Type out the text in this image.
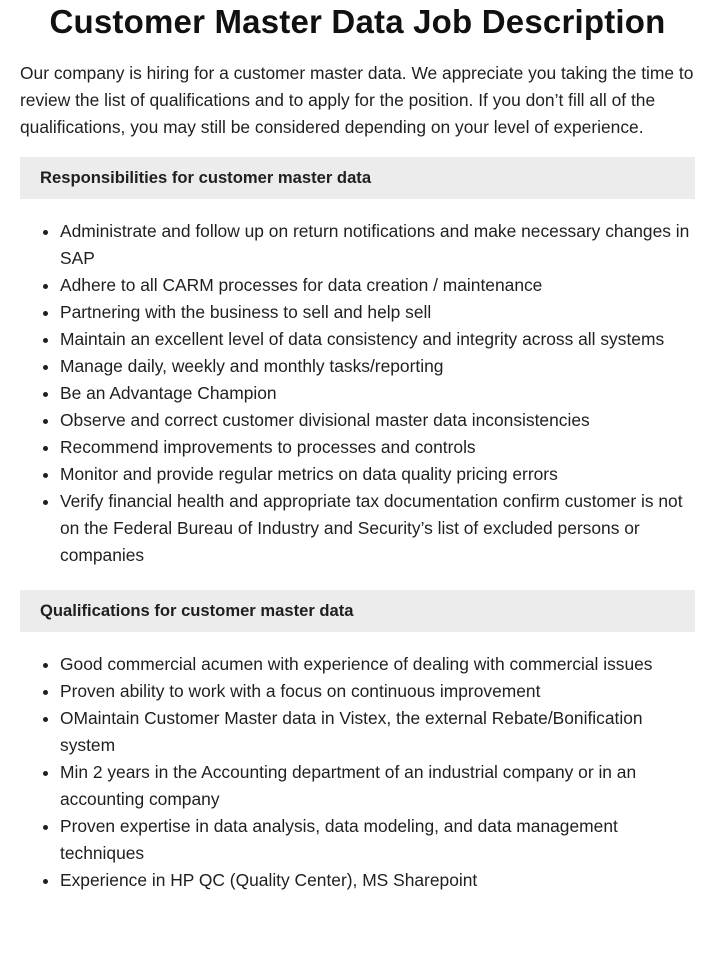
Customer Master Data Job Description

Our company is hiring for a customer master data. We appreciate you taking the time to review the list of qualifications and to apply for the position. If you don’t fill all of the qualifications, you may still be considered depending on your level of experience.

Responsibilities for customer master data
• Administrate and follow up on return notifications and make necessary changes in SAP
• Adhere to all CARM processes for data creation / maintenance
• Partnering with the business to sell and help sell
• Maintain an excellent level of data consistency and integrity across all systems
• Manage daily, weekly and monthly tasks/reporting
• Be an Advantage Champion
• Observe and correct customer divisional master data inconsistencies
• Recommend improvements to processes and controls
• Monitor and provide regular metrics on data quality pricing errors
• Verify financial health and appropriate tax documentation confirm customer is not on the Federal Bureau of Industry and Security’s list of excluded persons or companies
Qualifications for customer master data
• Good commercial acumen with experience of dealing with commercial issues
• Proven ability to work with a focus on continuous improvement
• OMaintain Customer Master data in Vistex, the external Rebate/Bonification system
• Min 2 years in the Accounting department of an industrial company or in an accounting company
• Proven expertise in data analysis, data modeling, and data management techniques
• Experience in HP QC (Quality Center), MS Sharepoint
